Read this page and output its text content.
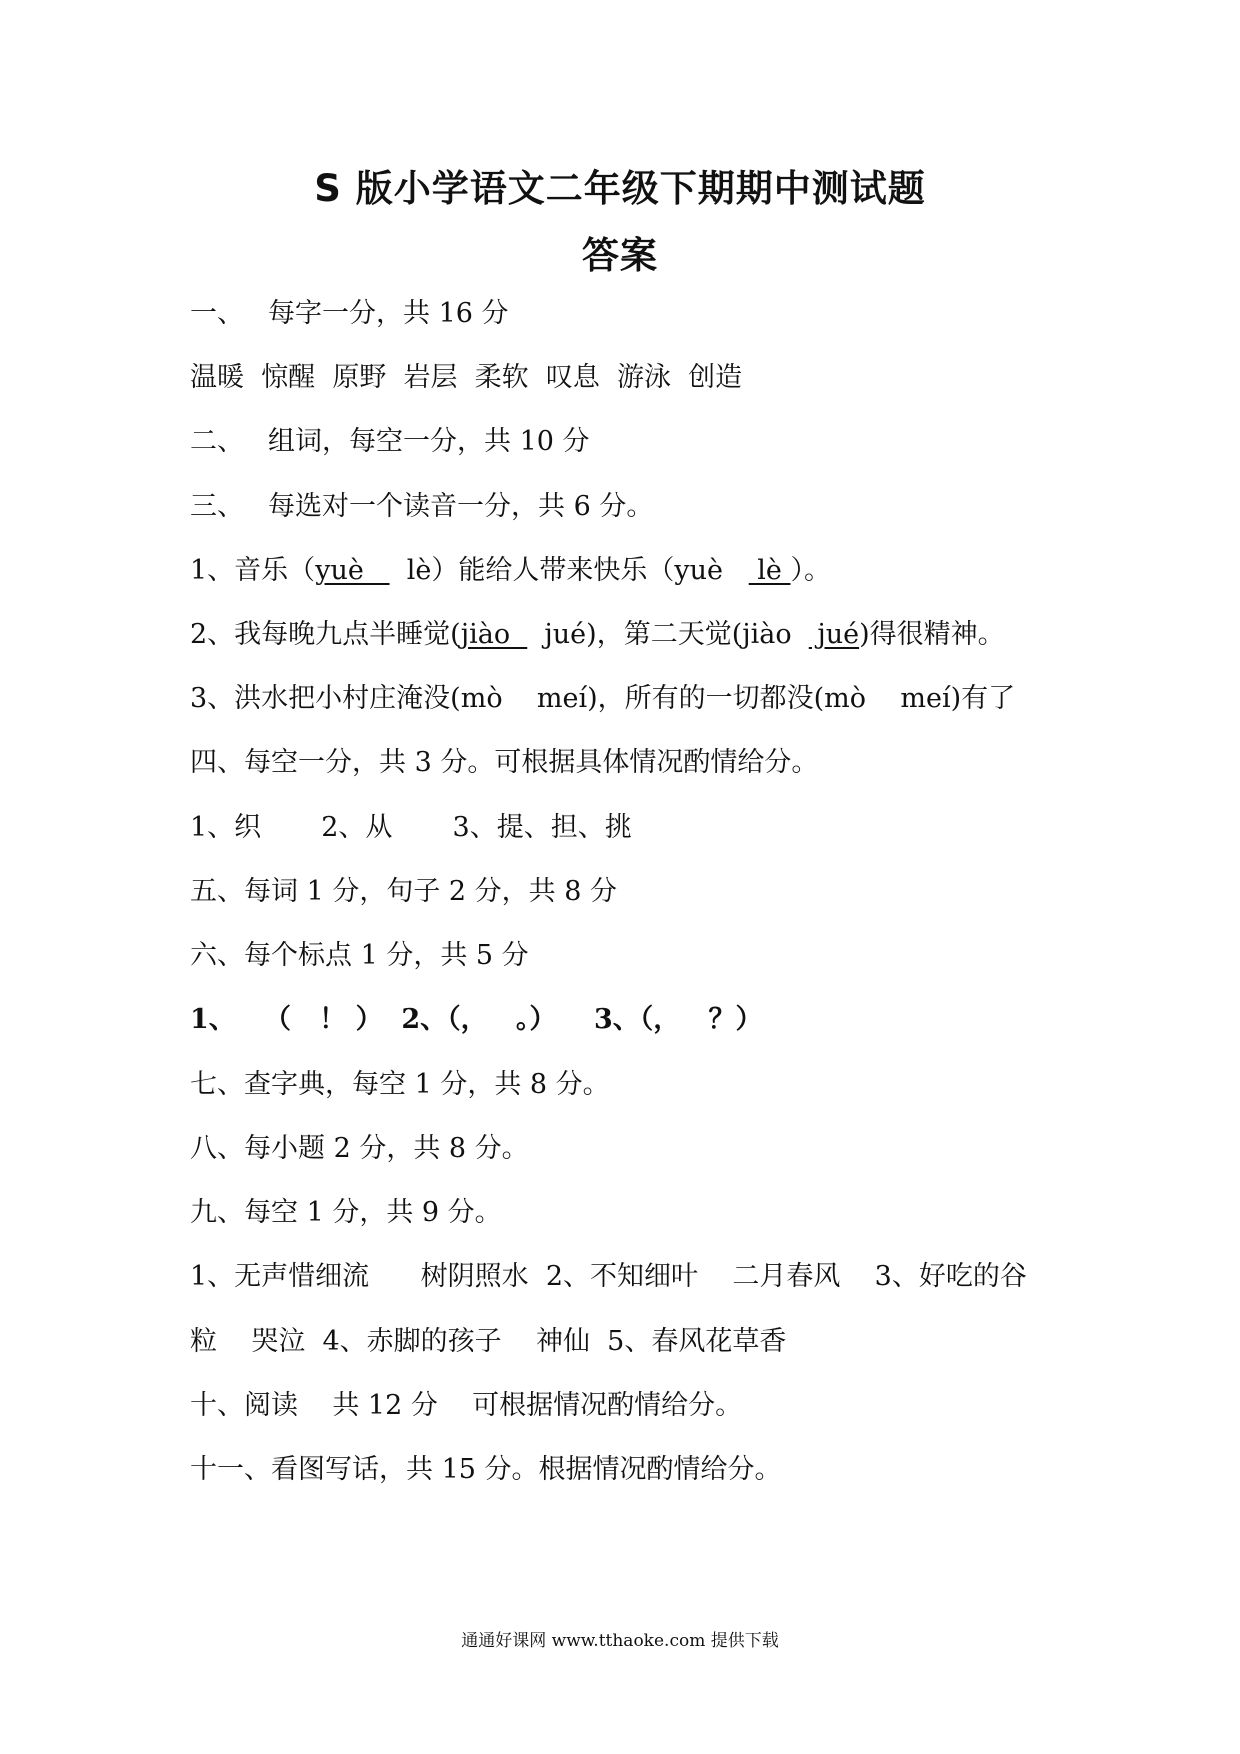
S 版小学语文二年级下期期中测试题
答案
一、 每字一分，共 16 分
温暖  惊醒  原野  岩层  柔软  叹息  游泳  创造
二、 组词，每空一分，共 10 分
三、 每选对一个读音一分，共 6 分。
1、音乐（yuè     lè）能给人带来快乐（yuè    lè ）。
2、我每晚九点半睡觉(jiào    jué)，第二天觉(jiào   jué)得很精神。
3、洪水把小村庄淹没(mò    meí)，所有的一切都没(mò    meí)有了
四、每空一分，共 3 分。可根据具体情况酌情给分。
1、织       2、从       3、提、担、挑
五、每词 1 分，句子 2 分，共 8 分
六、每个标点 1 分，共 5 分
1、   （   ！ ）  2、（，   。）    3、（，   ？）
七、查字典，每空 1 分，共 8 分。
八、每小题 2 分，共 8 分。
九、每空 1 分，共 9 分。
1、无声惜细流      树阴照水  2、不知细叶    二月春风    3、好吃的谷
粒    哭泣  4、赤脚的孩子    神仙  5、春风花草香
十、阅读    共 12 分    可根据情况酌情给分。
十一、看图写话，共 15 分。根据情况酌情给分。
通通好课网 www.tthaoke.com 提供下载
